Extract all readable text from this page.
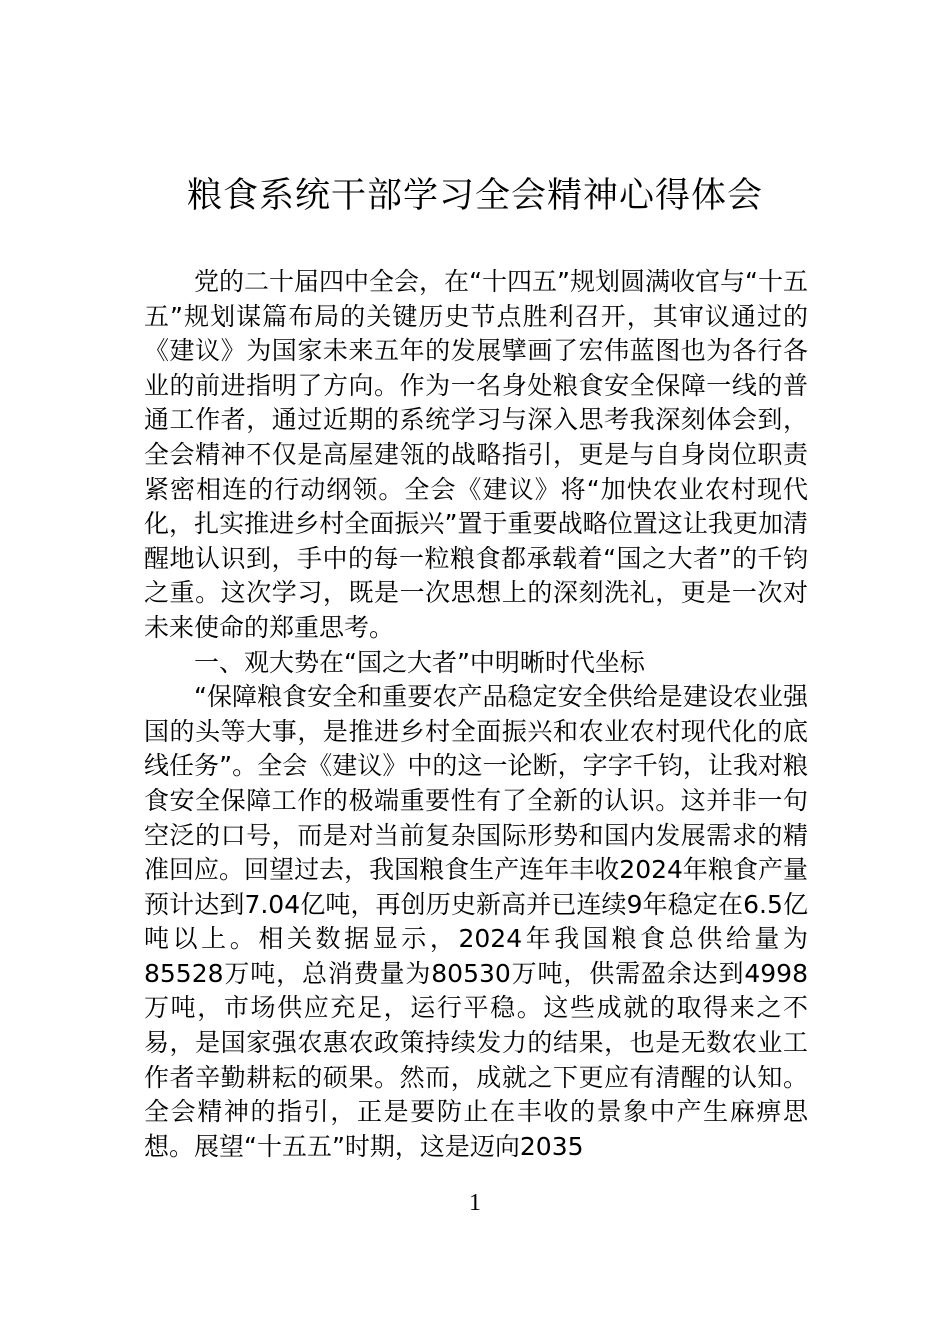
粮食系统干部学习全会精神心得体会

党的二十届四中全会，在“十四五”规划圆满收官与“十五五”规划谋篇布局的关键历史节点胜利召开，其审议通过的《建议》为国家未来五年的发展擘画了宏伟蓝图也为各行各业的前进指明了方向。作为一名身处粮食安全保障一线的普通工作者，通过近期的系统学习与深入思考我深刻体会到，全会精神不仅是高屋建瓴的战略指引，更是与自身岗位职责紧密相连的行动纲领。全会《建议》将“加快农业农村现代化，扎实推进乡村全面振兴”置于重要战略位置这让我更加清醒地认识到，手中的每一粒粮食都承载着“国之大者”的千钧之重。这次学习，既是一次思想上的深刻洗礼，更是一次对未来使命的郑重思考。

一、观大势在“国之大者”中明晰时代坐标

“保障粮食安全和重要农产品稳定安全供给是建设农业强国的头等大事，是推进乡村全面振兴和农业农村现代化的底线任务”。全会《建议》中的这一论断，字字千钧，让我对粮食安全保障工作的极端重要性有了全新的认识。这并非一句空泛的口号，而是对当前复杂国际形势和国内发展需求的精准回应。回望过去，我国粮食生产连年丰收2024年粮食产量预计达到7.04亿吨，再创历史新高并已连续9年稳定在6.5亿吨以上。相关数据显示，2024年我国粮食总供给量为85528万吨，总消费量为80530万吨，供需盈余达到4998万吨，市场供应充足，运行平稳。这些成就的取得来之不易，是国家强农惠农政策持续发力的结果，也是无数农业工作者辛勤耕耘的硕果。然而，成就之下更应有清醒的认知。全会精神的指引，正是要防止在丰收的景象中产生麻痹思想。展望“十五五”时期，这是迈向2035

1
